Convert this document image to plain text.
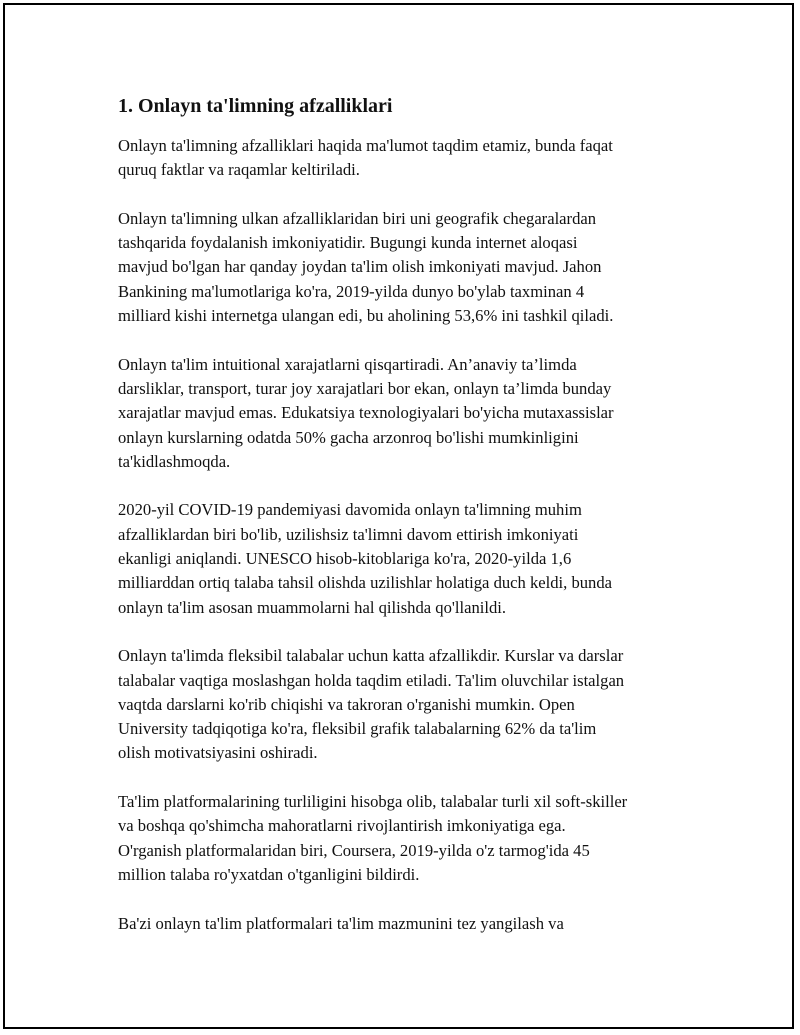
1. Onlayn ta'limning afzalliklari
Onlayn ta'limning afzalliklari haqida ma'lumot taqdim etamiz, bunda faqat
quruq faktlar va raqamlar keltiriladi.
Onlayn ta'limning ulkan afzalliklaridan biri uni geografik chegaralardan
tashqarida foydalanish imkoniyatidir. Bugungi kunda internet aloqasi
mavjud bo'lgan har qanday joydan ta'lim olish imkoniyati mavjud. Jahon
Bankining ma'lumotlariga ko'ra, 2019-yilda dunyo bo'ylab taxminan 4
milliard kishi internetga ulangan edi, bu aholining 53,6% ini tashkil qiladi.
Onlayn ta'lim intuitional xarajatlarni qisqartiradi. An’anaviy ta’limda
darsliklar, transport, turar joy xarajatlari bor ekan, onlayn ta’limda bunday
xarajatlar mavjud emas. Edukatsiya texnologiyalari bo'yicha mutaxassislar
onlayn kurslarning odatda 50% gacha arzonroq bo'lishi mumkinligini
ta'kidlashmoqda.
2020-yil COVID-19 pandemiyasi davomida onlayn ta'limning muhim
afzalliklardan biri bo'lib, uzilishsiz ta'limni davom ettirish imkoniyati
ekanligi aniqlandi. UNESCO hisob-kitoblariga ko'ra, 2020-yilda 1,6
milliarddan ortiq talaba tahsil olishda uzilishlar holatiga duch keldi, bunda
onlayn ta'lim asosan muammolarni hal qilishda qo'llanildi.
Onlayn ta'limda fleksibil talabalar uchun katta afzallikdir. Kurslar va darslar
talabalar vaqtiga moslashgan holda taqdim etiladi. Ta'lim oluvchilar istalgan
vaqtda darslarni ko'rib chiqishi va takroran o'rganishi mumkin. Open
University tadqiqotiga ko'ra, fleksibil grafik talabalarning 62% da ta'lim
olish motivatsiyasini oshiradi.
Ta'lim platformalarining turliligini hisobga olib, talabalar turli xil soft-skiller
va boshqa qo'shimcha mahoratlarni rivojlantirish imkoniyatiga ega.
O'rganish platformalaridan biri, Coursera, 2019-yilda o'z tarmog'ida 45
million talaba ro'yxatdan o'tganligini bildirdi.
Ba'zi onlayn ta'lim platformalari ta'lim mazmunini tez yangilash va
